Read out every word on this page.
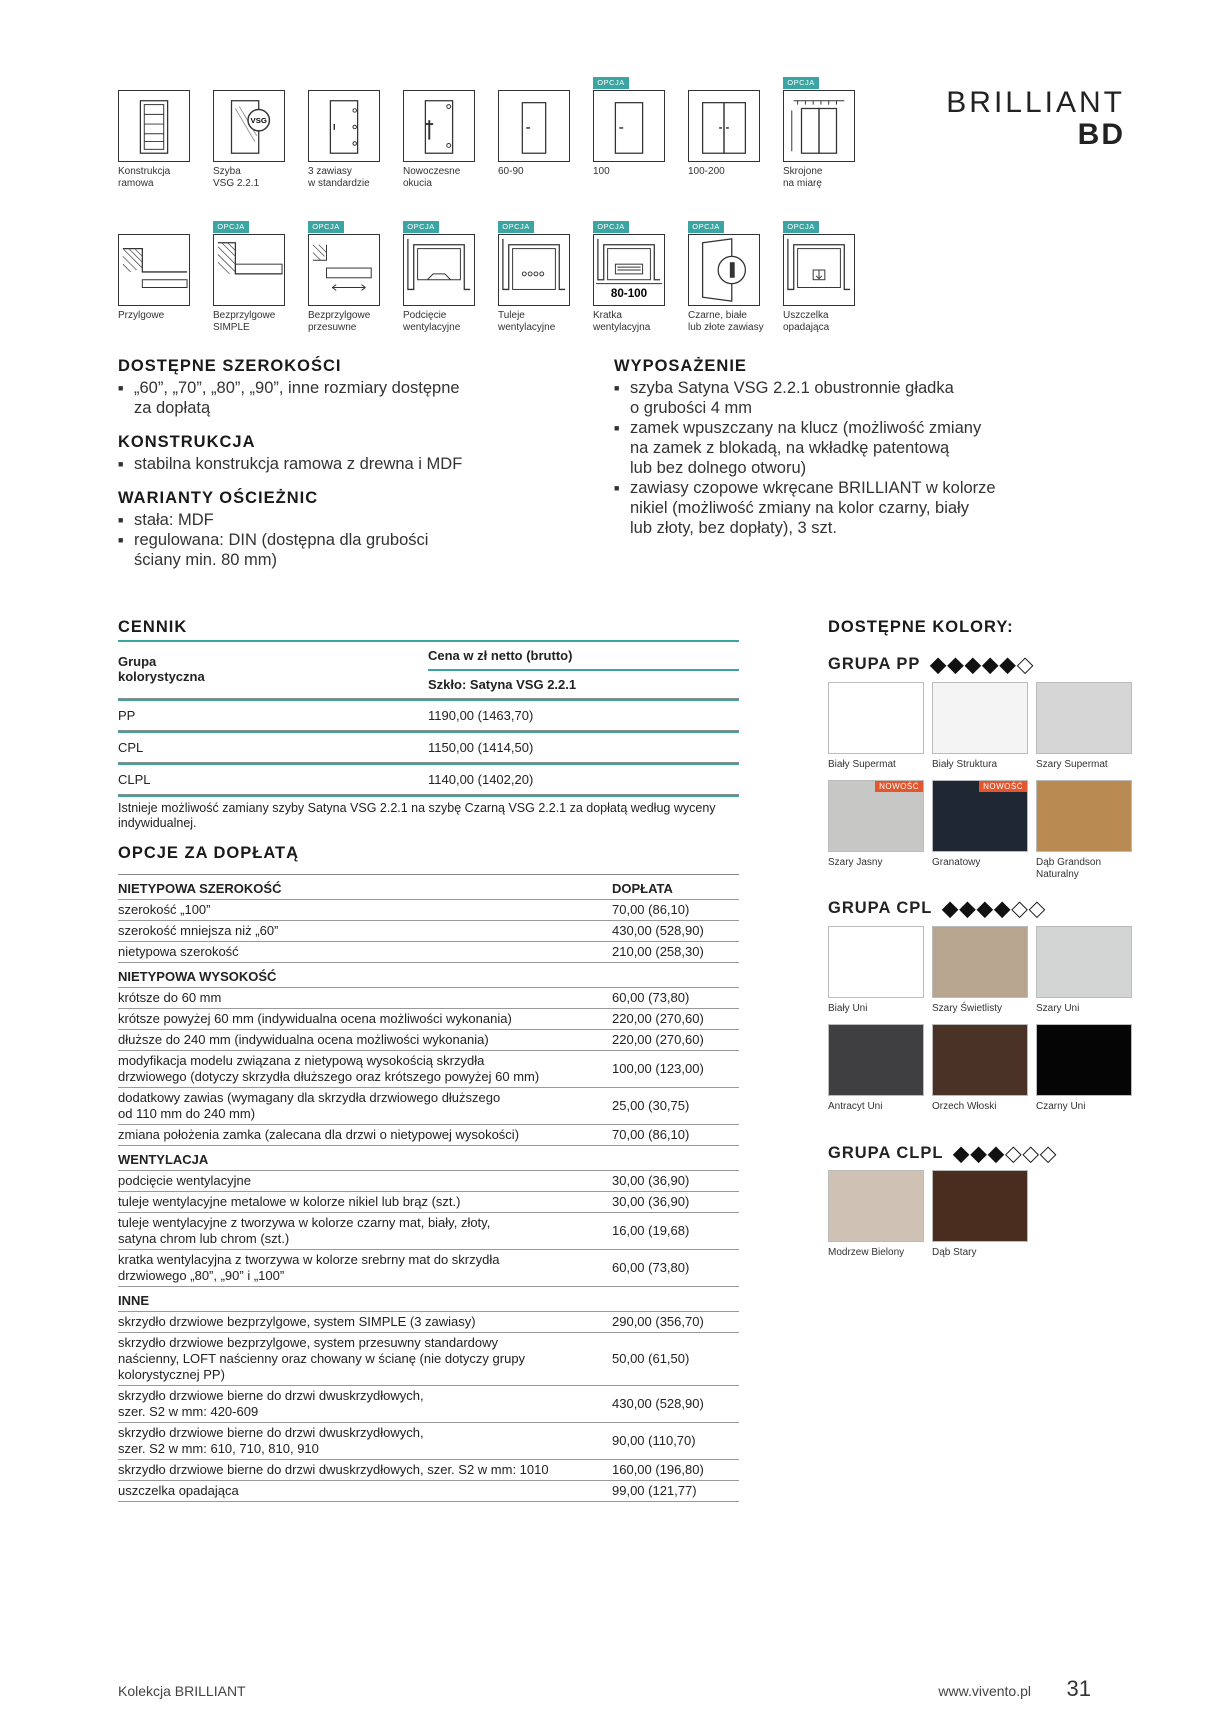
BRILLIANT
BD
Konstrukcja
ramowa
VSG
Szyba
VSG 2.2.1
3 zawiasy
w standardzie
Nowoczesne
okucia
60-90
OPCJA
100	100-200
OPCJA
Skrojone
na miarę
Przylgowe
OPCJA
Bezprzylgowe
SIMPLE
OPCJA
Bezprzylgowe
przesuwne
OPCJA
Podcięcie
wentylacyjne
OPCJA
Tuleje
wentylacyjne
OPCJA
80-100
Kratka
wentylacyjna
OPCJA
Czarne, białe
lub złote zawiasy
OPCJA
Uszczelka
opadająca
DOSTĘPNE SZEROKOŚCI
■ „60”, „70”, „80”, „90”, inne rozmiary dostępne
za dopłatą
KONSTRUKCJA
■ stabilna konstrukcja ramowa z drewna i MDF
WARIANTY OŚCIEŻNIC
■ stała: MDF
■ regulowana: DIN (dostępna dla grubości
ściany min. 80 mm)
WYPOSAŻENIE
■ szyba Satyna VSG 2.2.1 obustronnie gładka
o grubości 4 mm
■ zamek wpuszczany na klucz (możliwość zmiany
na zamek z blokadą, na wkładkę patentową
lub bez dolnego otworu)
■ zawiasy czopowe wkręcane BRILLIANT w kolorze
nikiel (możliwość zmiany na kolor czarny, biały
lub złoty, bez dopłaty), 3 szt.
CENNIK
Grupa
kolorystyczna
Cena w zł netto (brutto)
Szkło: Satyna VSG 2.2.1
PP	1190,00 (1463,70)
CPL	1150,00 (1414,50)
CLPL	1140,00 (1402,20)
Istnieje możliwość zamiany szyby Satyna VSG 2.2.1 na szybę Czarną VSG 2.2.1 za dopłatą według wyceny indywidualnej.
OPCJE ZA DOPŁATĄ
NIETYPOWA SZEROKOŚĆ	DOPŁATA
szerokość „100”	70,00 (86,10)
szerokość mniejsza niż „60”	430,00 (528,90)
nietypowa szerokość	210,00 (258,30)
NIETYPOWA WYSOKOŚĆ
krótsze do 60 mm	60,00 (73,80)
krótsze powyżej 60 mm (indywidualna ocena możliwości wykonania)	220,00 (270,60)
dłuższe do 240 mm (indywidualna ocena możliwości wykonania)	220,00 (270,60)
modyfikacja modelu związana z nietypową wysokością skrzydła
drzwiowego (dotyczy skrzydła dłuższego oraz krótszego powyżej 60 mm)
100,00 (123,00)
dodatkowy zawias (wymagany dla skrzydła drzwiowego dłuższego
od 110 mm do 240 mm)
25,00 (30,75)
zmiana położenia zamka (zalecana dla drzwi o nietypowej wysokości)	70,00 (86,10)
WENTYLACJA
podcięcie wentylacyjne	30,00 (36,90)
tuleje wentylacyjne metalowe w kolorze nikiel lub brąz (szt.)	30,00 (36,90)
tuleje wentylacyjne z tworzywa w kolorze czarny mat, biały, złoty,
satyna chrom lub chrom (szt.)
16,00 (19,68)
kratka wentylacyjna z tworzywa w kolorze srebrny mat do skrzydła
drzwiowego „80”, „90” i „100”
60,00 (73,80)
INNE
skrzydło drzwiowe bezprzylgowe, system SIMPLE (3 zawiasy)	290,00 (356,70)
skrzydło drzwiowe bezprzylgowe, system przesuwny standardowy
naścienny, LOFT naścienny oraz chowany w ścianę (nie dotyczy grupy
kolorystycznej PP)
50,00 (61,50)
skrzydło drzwiowe bierne do drzwi dwuskrzydłowych,
szer. S2 w mm: 420-609
430,00 (528,90)
skrzydło drzwiowe bierne do drzwi dwuskrzydłowych,
szer. S2 w mm: 610, 710, 810, 910
90,00 (110,70)
skrzydło drzwiowe bierne do drzwi dwuskrzydłowych, szer. S2 w mm: 1010	160,00 (196,80)
uszczelka opadająca	99,00 (121,77)
DOSTĘPNE KOLORY:
GRUPA PP ◆◆◆◆◆◆
Biały Supermat	Biały Struktura	Szary Supermat
NOWOŚĆ
Szary Jasny
NOWOŚĆ
Granatowy	Dąb Grandson
Naturalny
GRUPA CPL ◆◆◆◆◆◆
Biały Uni	Szary Świetlisty	Szary Uni
Antracyt Uni	Orzech Włoski	Czarny Uni
GRUPA CLPL ◆◆◆◆◆◆
Modrzew Bielony	Dąb Stary
Kolekcja BRILLIANT	www.vivento.pl 31
